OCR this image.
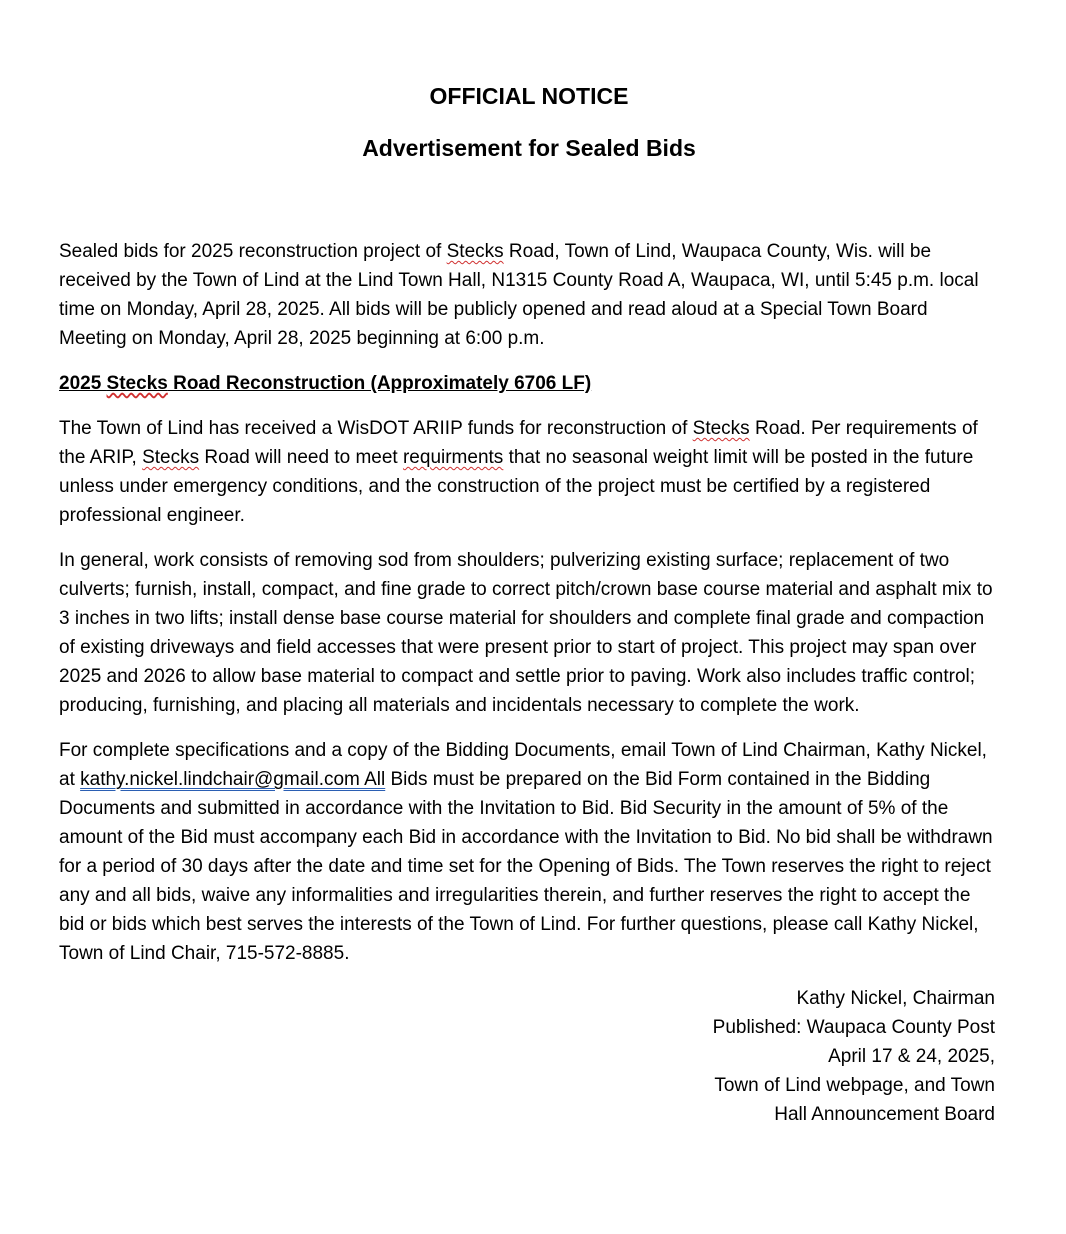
OFFICIAL NOTICE
Advertisement for Sealed Bids

Sealed bids for 2025 reconstruction project of Stecks Road, Town of Lind, Waupaca County, Wis. will be received by the Town of Lind at the Lind Town Hall, N1315 County Road A, Waupaca, WI, until 5:45 p.m. local time on Monday, April 28, 2025. All bids will be publicly opened and read aloud at a Special Town Board Meeting on Monday, April 28, 2025 beginning at 6:00 p.m.

2025 Stecks Road Reconstruction (Approximately 6706 LF)

The Town of Lind has received a WisDOT ARIIP funds for reconstruction of Stecks Road. Per requirements of the ARIP, Stecks Road will need to meet requirments that no seasonal weight limit will be posted in the future unless under emergency conditions, and the construction of the project must be certified by a registered professional engineer.

In general, work consists of removing sod from shoulders; pulverizing existing surface; replacement of two culverts; furnish, install, compact, and fine grade to correct pitch/crown base course material and asphalt mix to 3 inches in two lifts; install dense base course material for shoulders and complete final grade and compaction of existing driveways and field accesses that were present prior to start of project. This project may span over 2025 and 2026 to allow base material to compact and settle prior to paving. Work also includes traffic control; producing, furnishing, and placing all materials and incidentals necessary to complete the work.

For complete specifications and a copy of the Bidding Documents, email Town of Lind Chairman, Kathy Nickel, at kathy.nickel.lindchair@gmail.com All Bids must be prepared on the Bid Form contained in the Bidding Documents and submitted in accordance with the Invitation to Bid. Bid Security in the amount of 5% of the amount of the Bid must accompany each Bid in accordance with the Invitation to Bid. No bid shall be withdrawn for a period of 30 days after the date and time set for the Opening of Bids. The Town reserves the right to reject any and all bids, waive any informalities and irregularities therein, and further reserves the right to accept the bid or bids which best serves the interests of the Town of Lind. For further questions, please call Kathy Nickel, Town of Lind Chair, 715-572-8885.

Kathy Nickel, Chairman
Published: Waupaca County Post
April 17 & 24, 2025,
Town of Lind webpage, and Town
Hall Announcement Board
